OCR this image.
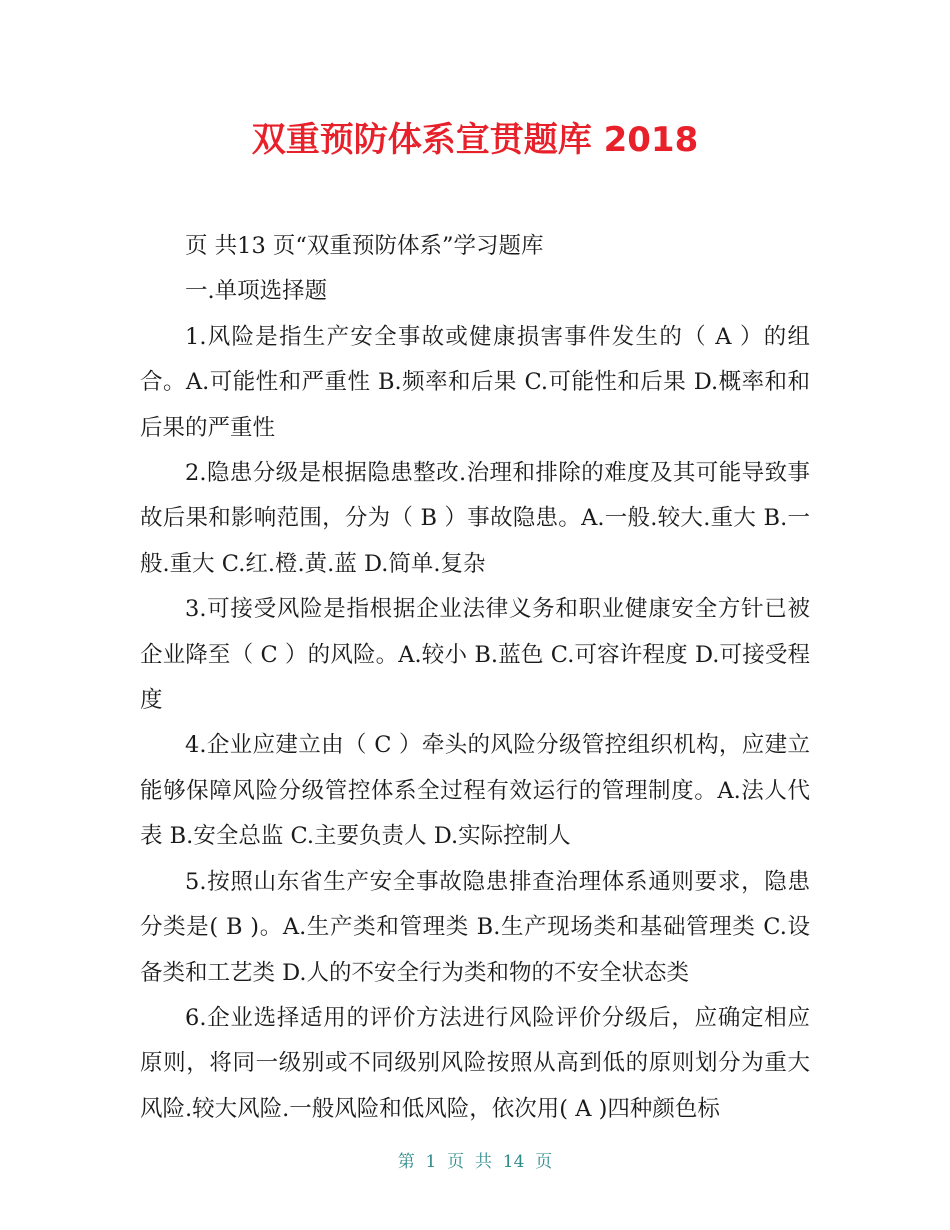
双重预防体系宣贯题库 2018

页 共13 页“双重预防体系”学习题库

一.单项选择题

1.风险是指生产安全事故或健康损害事件发生的（ A ）的组合。A.可能性和严重性 B.频率和后果 C.可能性和后果 D.概率和和后果的严重性

2.隐患分级是根据隐患整改.治理和排除的难度及其可能导致事故后果和影响范围，分为（ B ）事故隐患。A.一般.较大.重大 B.一般.重大 C.红.橙.黄.蓝 D.简单.复杂

3.可接受风险是指根据企业法律义务和职业健康安全方针已被企业降至（ C ）的风险。A.较小 B.蓝色 C.可容许程度 D.可接受程度

4.企业应建立由（ C ）牵头的风险分级管控组织机构，应建立能够保障风险分级管控体系全过程有效运行的管理制度。A.法人代表 B.安全总监 C.主要负责人 D.实际控制人

5.按照山东省生产安全事故隐患排查治理体系通则要求，隐患分类是( B )。A.生产类和管理类 B.生产现场类和基础管理类 C.设备类和工艺类 D.人的不安全行为类和物的不安全状态类

6.企业选择适用的评价方法进行风险评价分级后，应确定相应原则，将同一级别或不同级别风险按照从高到低的原则划分为重大风险.较大风险.一般风险和低风险，依次用( A )四种颜色标

第  1  页  共  14  页
